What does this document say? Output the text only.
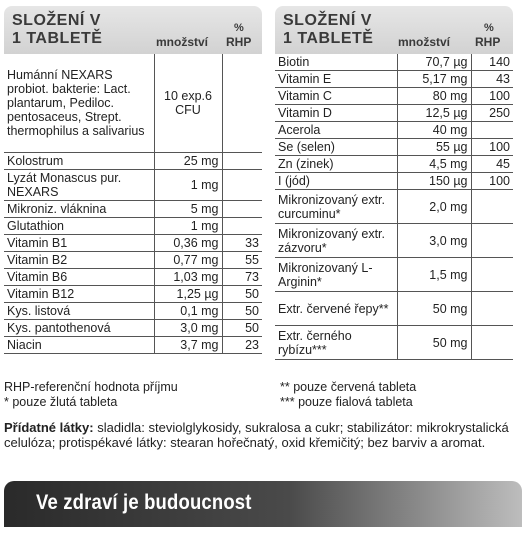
SLOŽENÍ V
1 TABLETĚ	množství
%
RHP
Humánní NEXARS probiot. bakterie: Lact. plantarum, Pediloc. pentosaceus, Strept. thermophilus a salivarius	10 exp.6 CFU	
Kolostrum	25 mg	
Lyzát Monascus pur. NEXARS	1 mg	
Mikroniz. vláknina	5 mg	
Glutathion	1 mg	
Vitamin B1	0,36 mg	33
Vitamin B2	0,77 mg	55
Vitamin B6	1,03 mg	73
Vitamin B12	1,25 µg	50
Kys. listová	0,1 mg	50
Kys. pantothenová	3,0 mg	50
Niacin	3,7 mg	23
SLOŽENÍ V
1 TABLETĚ množství
%
RHP
Biotin	70,7 µg	140
Vitamin E	5,17 mg	43
Vitamin C	80 mg	100
Vitamin D	12,5 µg	250
Acerola	40 mg	
Se (selen)	55 µg	100
Zn (zinek)	4,5 mg	45
I (jód)	150 µg	100
Mikronizovaný extr. curcuminu*	2,0 mg	
Mikronizovaný extr. zázvoru*	3,0 mg	
Mikronizovaný L-Arginin*	1,5 mg	
Extr. červené řepy**	50 mg	
Extr. černého rybízu***	50 mg	
RHP-referenční hodnota příjmu
* pouze žlutá tableta
** pouze červená tableta
*** pouze fialová tableta
Přídatné látky: sladidla: steviolglykosidy, sukralosa a cukr; stabilizátor: mikrokrystalická celulóza; protispékavé látky: stearan hořečnatý, oxid křemičitý; bez barviv a aromat.
Ve zdraví je budoucnost
